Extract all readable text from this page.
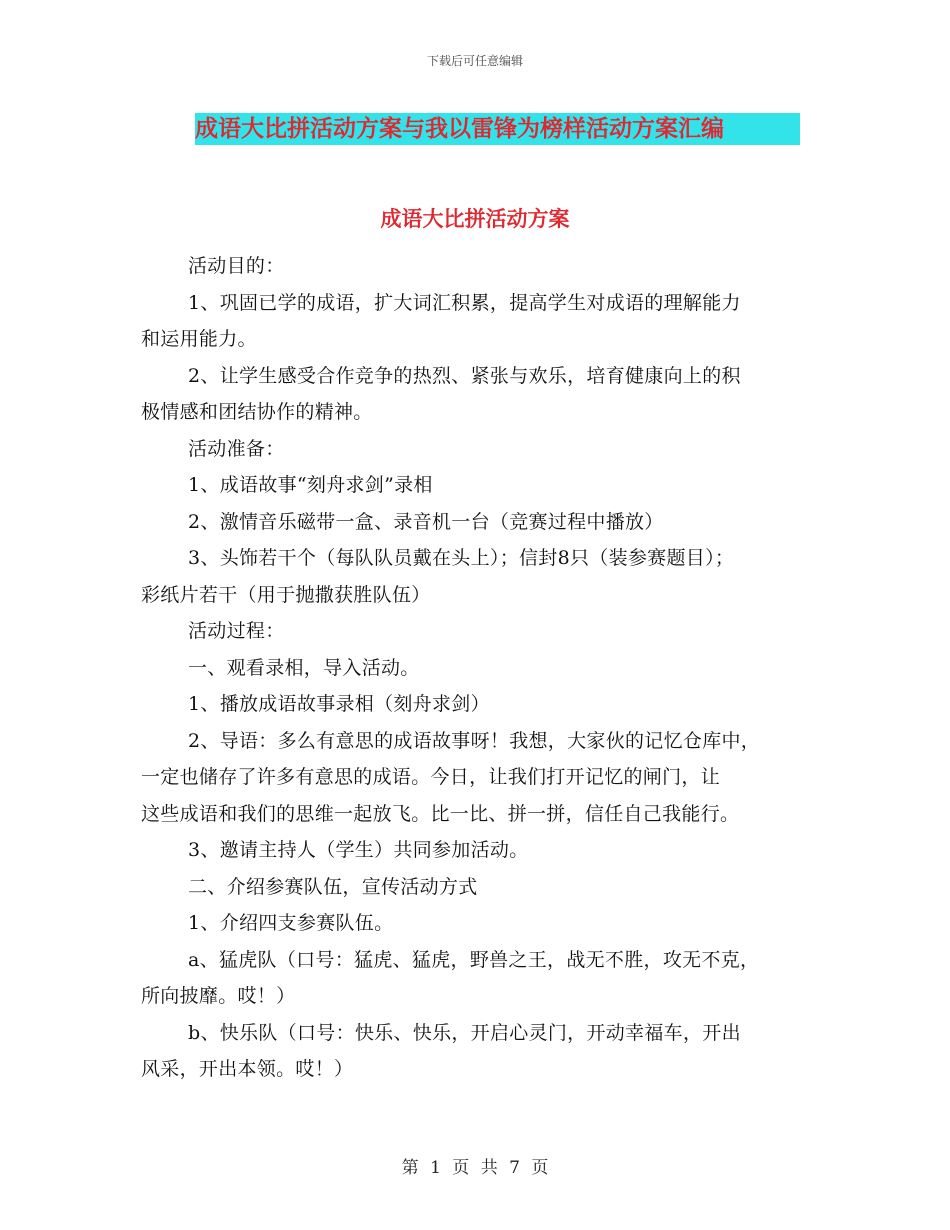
下载后可任意编辑
成语大比拼活动方案与我以雷锋为榜样活动方案汇编
成语大比拼活动方案
活动目的：
1、巩固已学的成语，扩大词汇积累，提高学生对成语的理解能力
和运用能力。
2、让学生感受合作竞争的热烈、紧张与欢乐，培育健康向上的积
极情感和团结协作的精神。
活动准备：
1、成语故事“刻舟求剑”录相
2、激情音乐磁带一盒、录音机一台（竞赛过程中播放）
3、头饰若干个（每队队员戴在头上）；信封8只（装参赛题目）；
彩纸片若干（用于抛撒获胜队伍）
活动过程：
一、观看录相，导入活动。
1、播放成语故事录相（刻舟求剑）
2、导语：多么有意思的成语故事呀！我想，大家伙的记忆仓库中，
一定也储存了许多有意思的成语。今日，让我们打开记忆的闸门，让
这些成语和我们的思维一起放飞。比一比、拼一拼，信任自己我能行。
3、邀请主持人（学生）共同参加活动。
二、介绍参赛队伍，宣传活动方式
1、介绍四支参赛队伍。
a、猛虎队（口号：猛虎、猛虎，野兽之王，战无不胜，攻无不克，
所向披靡。哎！）
b、快乐队（口号：快乐、快乐，开启心灵门，开动幸福车，开出
风采，开出本领。哎！）
第 1 页 共 7 页
